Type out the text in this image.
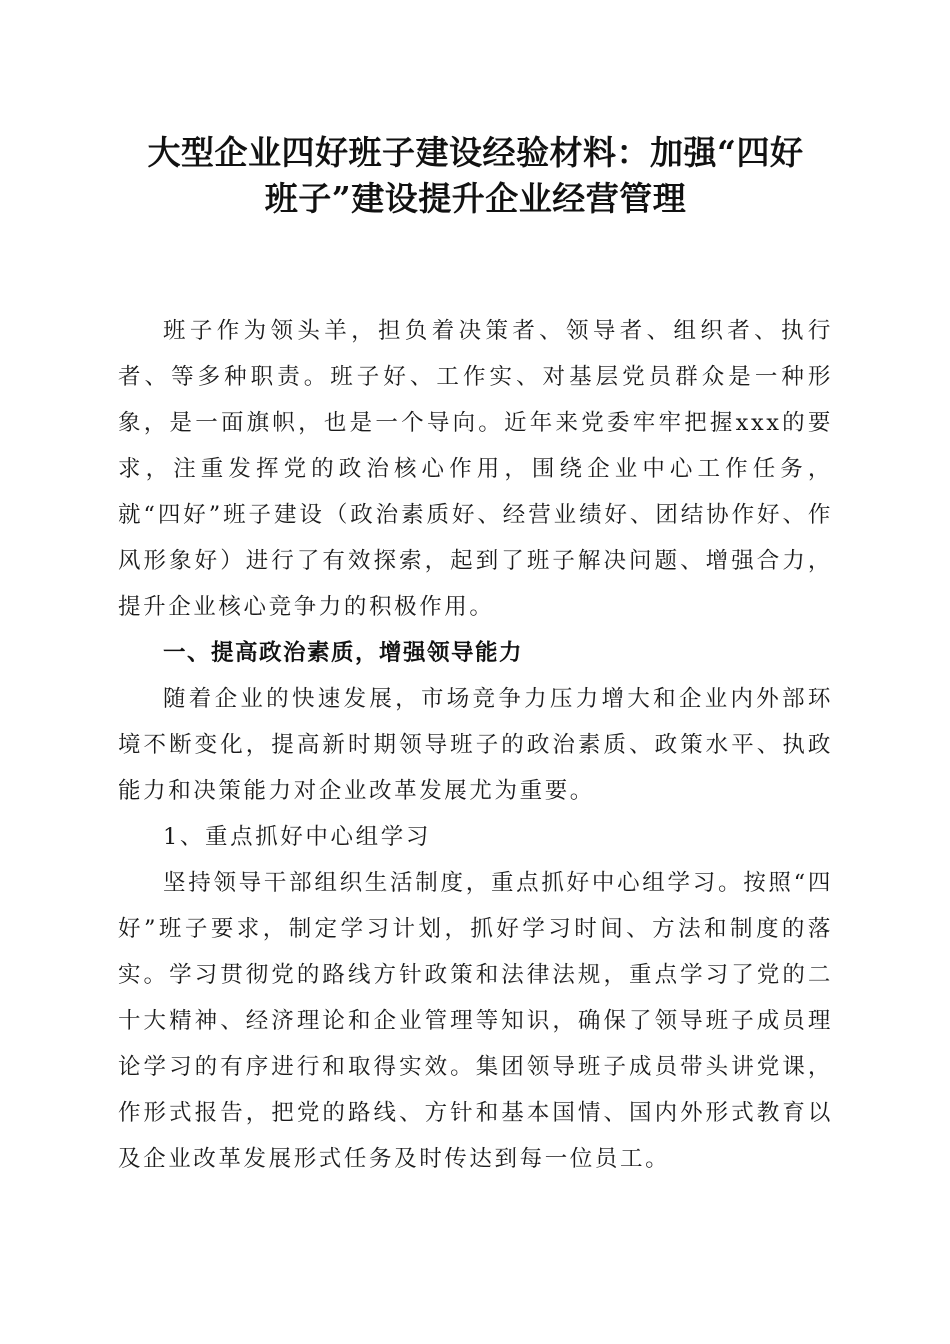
大型企业四好班子建设经验材料：加强“四好
班子”建设提升企业经营管理

班子作为领头羊，担负着决策者、领导者、组织者、执行者、等多种职责。班子好、工作实、对基层党员群众是一种形象，是一面旗帜，也是一个导向。近年来党委牢牢把握xxx的要求，注重发挥党的政治核心作用，围绕企业中心工作任务，就“四好”班子建设（政治素质好、经营业绩好、团结协作好、作风形象好）进行了有效探索，起到了班子解决问题、增强合力，提升企业核心竞争力的积极作用。

一、提高政治素质，增强领导能力

随着企业的快速发展，市场竞争力压力增大和企业内外部环境不断变化，提高新时期领导班子的政治素质、政策水平、执政能力和决策能力对企业改革发展尤为重要。

1、重点抓好中心组学习

坚持领导干部组织生活制度，重点抓好中心组学习。按照“四好”班子要求，制定学习计划，抓好学习时间、方法和制度的落实。学习贯彻党的路线方针政策和法律法规，重点学习了党的二十大精神、经济理论和企业管理等知识，确保了领导班子成员理论学习的有序进行和取得实效。集团领导班子成员带头讲党课，作形式报告，把党的路线、方针和基本国情、国内外形式教育以及企业改革发展形式任务及时传达到每一位员工。
